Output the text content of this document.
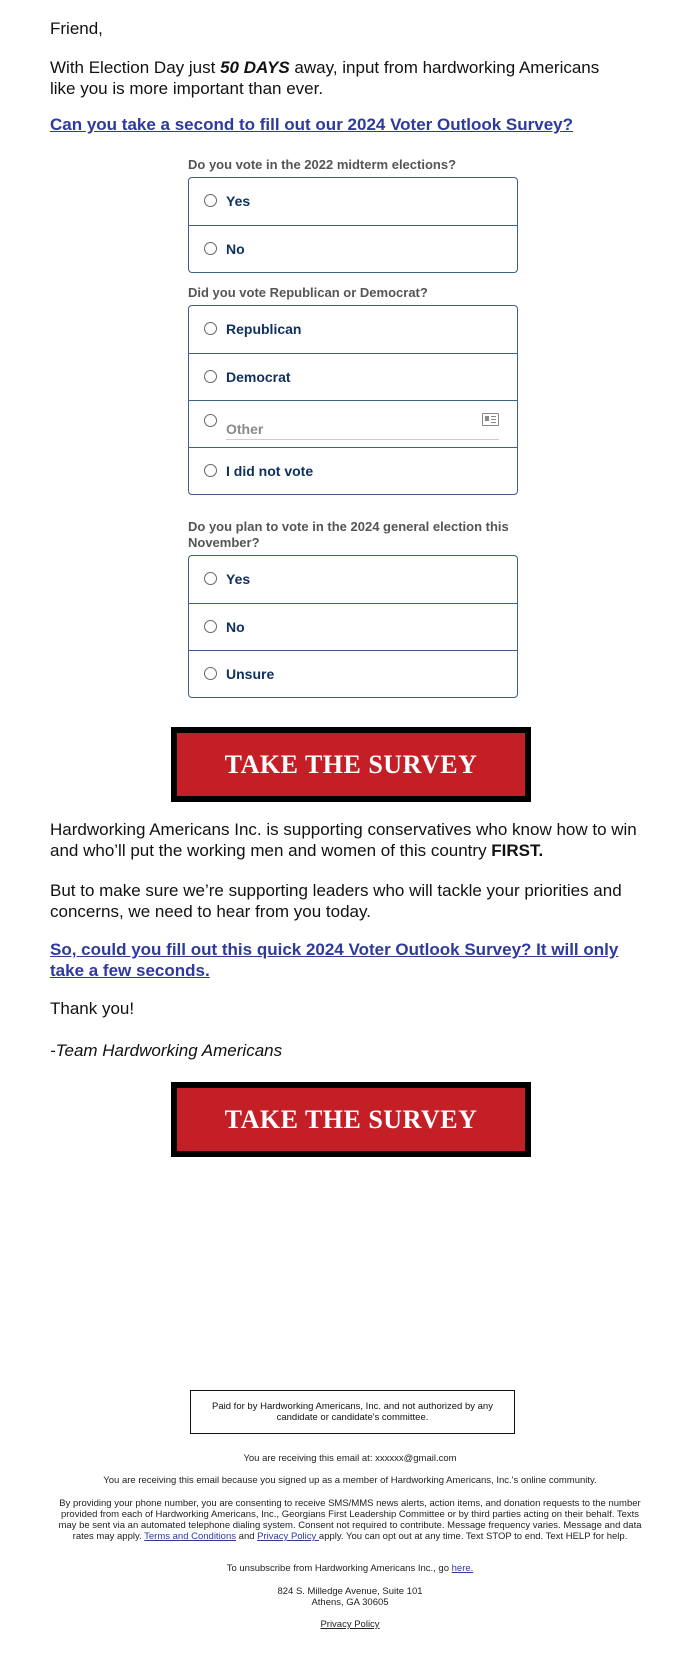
Friend,

With Election Day just 50 DAYS away, input from hardworking Americans like you is more important than ever.

Can you take a second to fill out our 2024 Voter Outlook Survey?
Do you vote in the 2022 midterm elections?
Yes
No
Did you vote Republican or Democrat?
Republican
Democrat
Other
I did not vote
Do you plan to vote in the 2024 general election this November?
Yes
No
Unsure
TAKE THE SURVEY

Hardworking Americans Inc. is supporting conservatives who know how to win and who’ll put the working men and women of this country FIRST.

But to make sure we’re supporting leaders who will tackle your priorities and concerns, we need to hear from you today.

So, could you fill out this quick 2024 Voter Outlook Survey? It will only take a few seconds.

Thank you!

-Team Hardworking Americans

TAKE THE SURVEY
Paid for by Hardworking Americans, Inc. and not authorized by any candidate or candidate's committee.
You are receiving this email at: xxxxxx@gmail.com
You are receiving this email because you signed up as a member of Hardworking Americans, Inc.'s online community.
By providing your phone number, you are consenting to receive SMS/MMS news alerts, action items, and donation requests to the number provided from each of Hardworking Americans, Inc., Georgians First Leadership Committee or by third parties acting on their behalf. Texts may be sent via an automated telephone dialing system. Consent not required to contribute. Message frequency varies. Message and data rates may apply. Terms and Conditions and Privacy Policy apply. You can opt out at any time. Text STOP to end. Text HELP for help.
To unsubscribe from Hardworking Americans Inc., go here.
824 S. Milledge Avenue, Suite 101
Athens, GA 30605
Privacy Policy
